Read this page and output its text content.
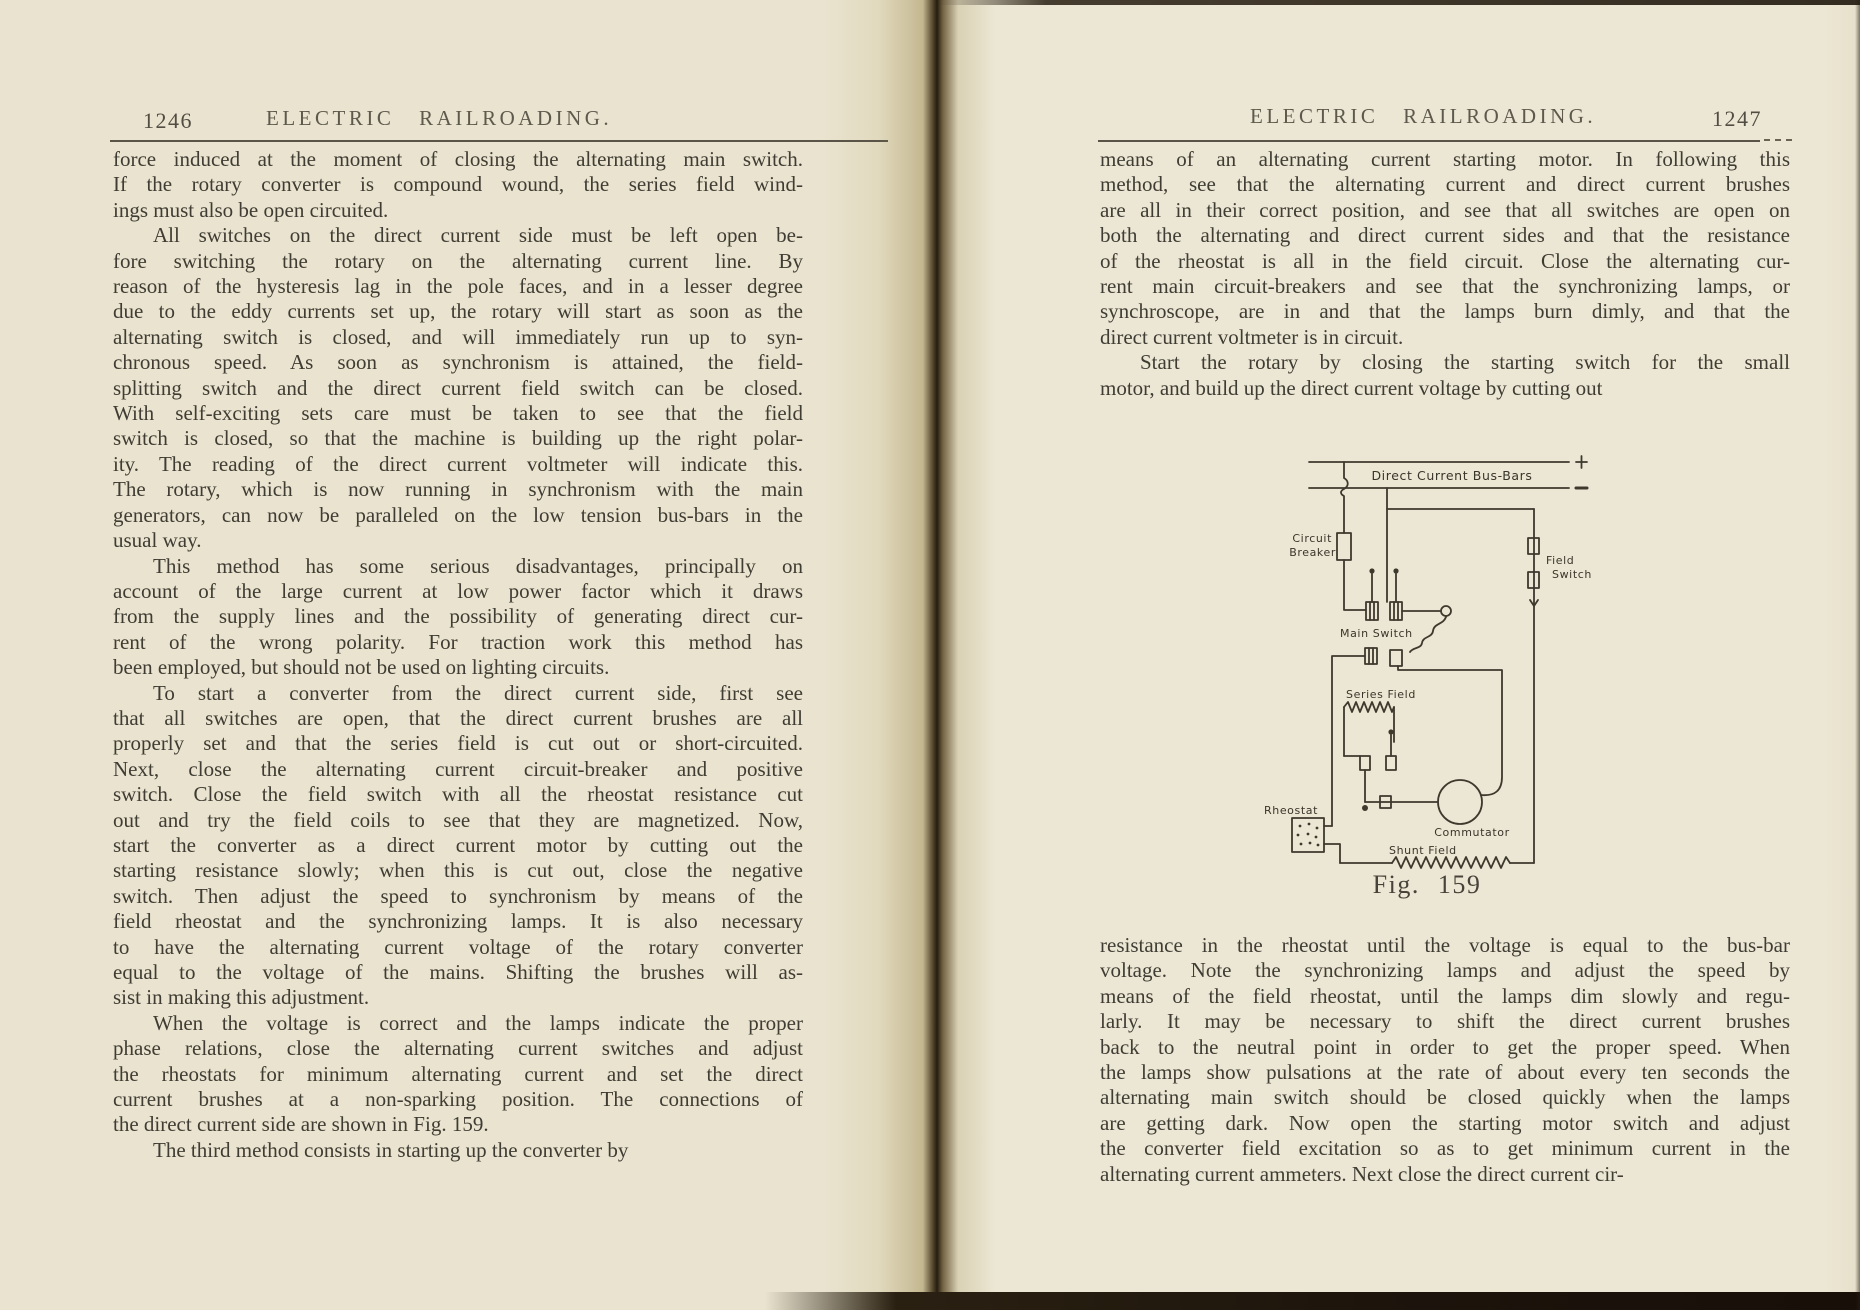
1246	ELECTRIC RAILROADING.
force induced at the moment of closing the alternating main switch.
If the rotary converter is compound wound, the series field wind-
ings must also be open circuited.
All switches on the direct current side must be left open be-
fore switching the rotary on the alternating current line. By
reason of the hysteresis lag in the pole faces, and in a lesser degree
due to the eddy currents set up, the rotary will start as soon as the
alternating switch is closed, and will immediately run up to syn-
chronous speed. As soon as synchronism is attained, the field-
splitting switch and the direct current field switch can be closed.
With self-exciting sets care must be taken to see that the field
switch is closed, so that the machine is building up the right polar-
ity. The reading of the direct current voltmeter will indicate this.
The rotary, which is now running in synchronism with the main
generators, can now be paralleled on the low tension bus-bars in the
usual way.
This method has some serious disadvantages, principally on
account of the large current at low power factor which it draws
from the supply lines and the possibility of generating direct cur-
rent of the wrong polarity. For traction work this method has
been employed, but should not be used on lighting circuits.
To start a converter from the direct current side, first see
that all switches are open, that the direct current brushes are all
properly set and that the series field is cut out or short-circuited.
Next, close the alternating current circuit-breaker and positive
switch. Close the field switch with all the rheostat resistance cut
out and try the field coils to see that they are magnetized. Now,
start the converter as a direct current motor by cutting out the
starting resistance slowly; when this is cut out, close the negative
switch. Then adjust the speed to synchronism by means of the
field rheostat and the synchronizing lamps. It is also necessary
to have the alternating current voltage of the rotary converter
equal to the voltage of the mains. Shifting the brushes will as-
sist in making this adjustment.
When the voltage is correct and the lamps indicate the proper
phase relations, close the alternating current switches and adjust
the rheostats for minimum alternating current and set the direct
current brushes at a non-sparking position. The connections of
the direct current side are shown in Fig. 159.
The third method consists in starting up the converter by
ELECTRIC RAILROADING.	1247
means of an alternating current starting motor. In following this
method, see that the alternating current and direct current brushes
are all in their correct position, and see that all switches are open on
both the alternating and direct current sides and that the resistance
of the rheostat is all in the field circuit. Close the alternating cur-
rent main circuit-breakers and see that the synchronizing lamps, or
synchroscope, are in and that the lamps burn dimly, and that the
direct current voltmeter is in circuit.
Start the rotary by closing the starting switch for the small
motor, and build up the direct current voltage by cutting out
Direct Current Bus-Bars
Circuit
Breaker
Main Switch
Series Field
Commutator
Field
Switch
Rheostat
Shunt Field
Fig. 159
resistance in the rheostat until the voltage is equal to the bus-bar
voltage. Note the synchronizing lamps and adjust the speed by
means of the field rheostat, until the lamps dim slowly and regu-
larly. It may be necessary to shift the direct current brushes
back to the neutral point in order to get the proper speed. When
the lamps show pulsations at the rate of about every ten seconds the
alternating main switch should be closed quickly when the lamps
are getting dark. Now open the starting motor switch and adjust
the converter field excitation so as to get minimum current in the
alternating current ammeters. Next close the direct current cir-
